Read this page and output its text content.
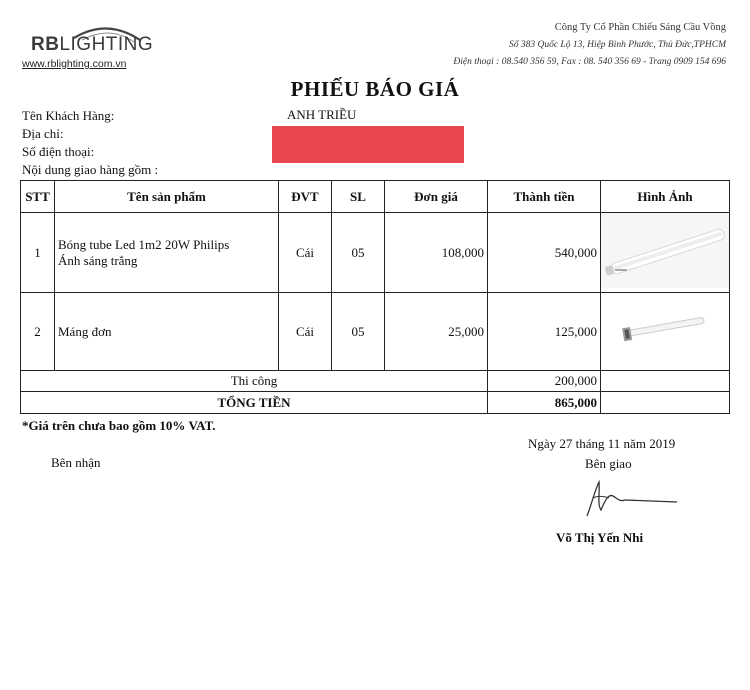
RBLIGHTING
www.rblighting.com.vn
Công Ty Cổ Phần Chiếu Sáng Cầu Vồng
Số 383 Quốc Lộ 13, Hiệp Bình Phước, Thủ Đức,TPHCM
Điện thoại : 08.540 356 59, Fax : 08. 540 356 69 - Trang 0909 154 696
PHIẾU BÁO GIÁ
Tên Khách Hàng:	ANH TRIỀU
Địa chỉ:
Số điện thoại:
Nội dung giao hàng gồm :
STT	Tên sản phẩm	ĐVT	SL	Đơn giá	Thành tiền	Hình Ảnh
1	Bóng tube Led 1m2 20W Philips
Ánh sáng trắng	Cái	05	108,000	540,000	
2	Máng đơn	Cái	05	25,000	125,000	
Thi công					200,000	
TỔNG TIỀN					865,000	
*Giá trên chưa bao gồm 10% VAT.
Ngày 27 tháng 11 năm 2019
Bên nhận	Bên giao
Võ Thị Yến Nhi
